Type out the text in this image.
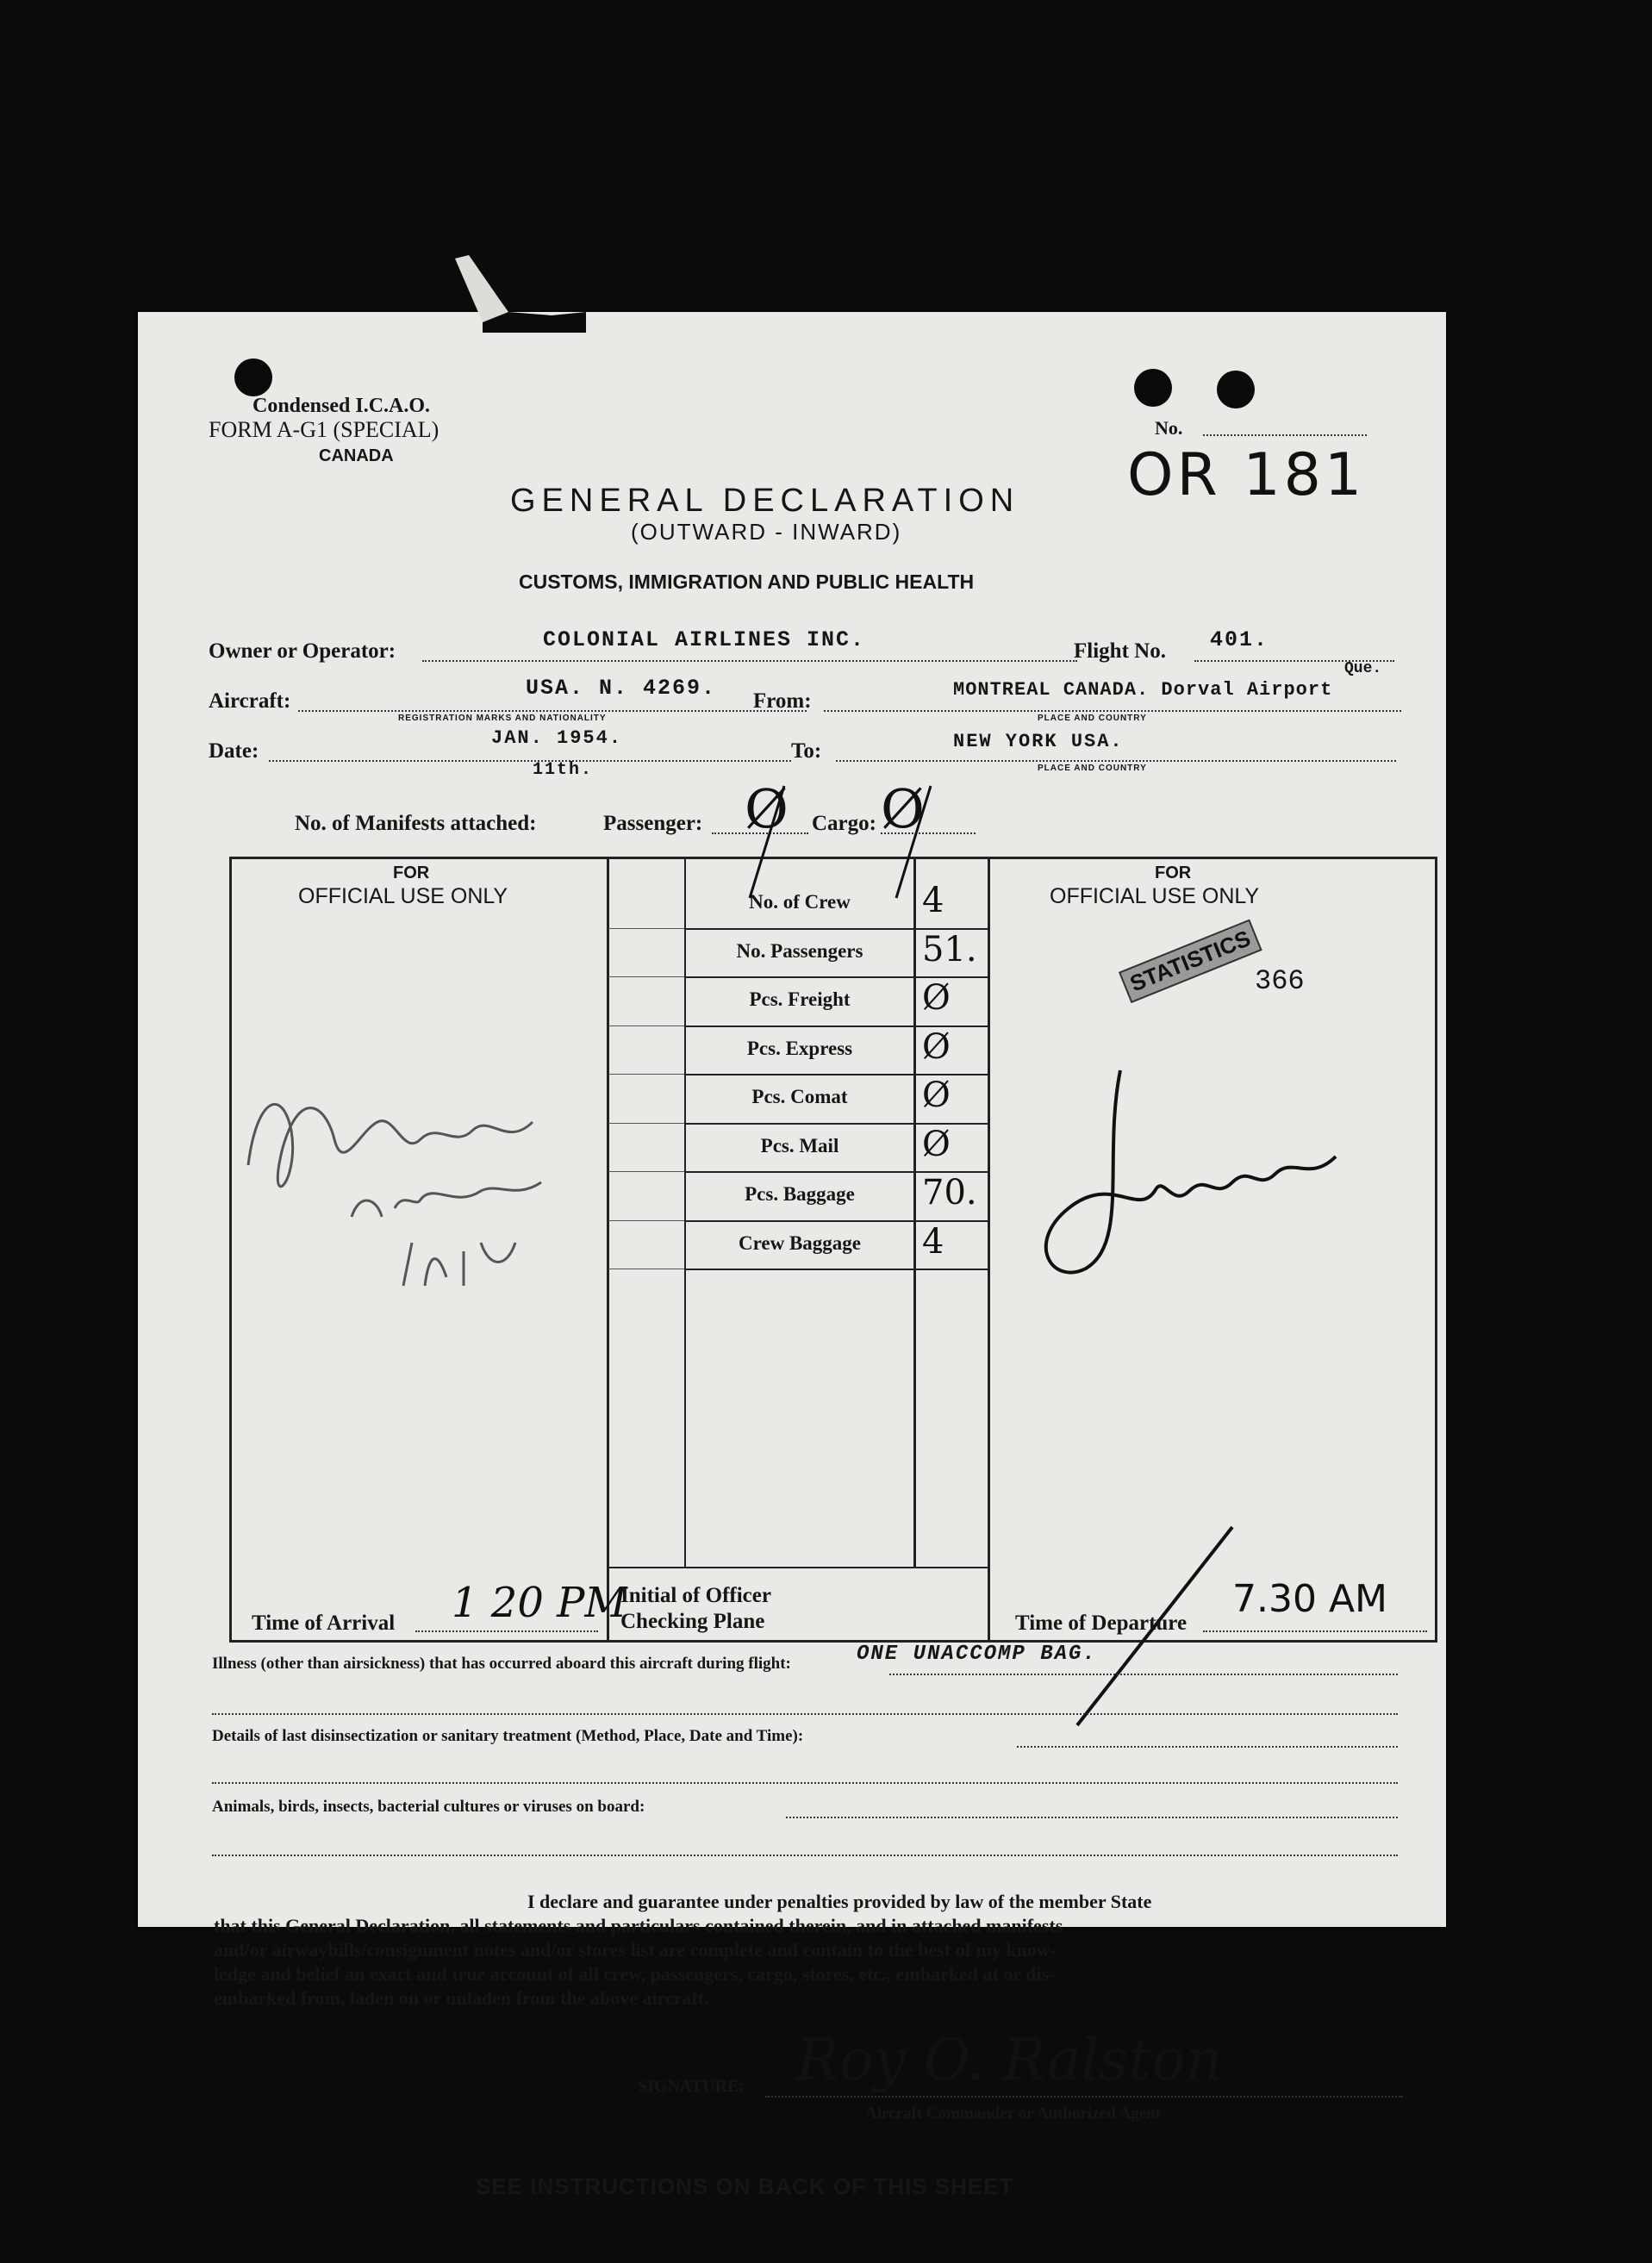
Condensed I.C.A.O.
FORM A-G1 (SPECIAL)
CANADA
No.
OR 181
GENERAL DECLARATION
(OUTWARD - INWARD)
CUSTOMS, IMMIGRATION AND PUBLIC HEALTH
Owner or Operator:	COLONIAL AIRLINES INC.	Flight No. 401.
Aircraft:
USA. N. 4269.
REGISTRATION MARKS AND NATIONALITY
From:	MONTREAL CANADA. Dorval Airport
Que.
PLACE AND COUNTRY
Date:
JAN. 1954.
11th.
To:	NEW YORK USA.
PLACE AND COUNTRY
No. of Manifests attached:	Passenger: Ø Cargo: Ø
FOR
OFFICIAL USE ONLY
FOR
OFFICIAL USE ONLY
No. of Crew	4
No. Passengers	51.
Pcs. Freight	Ø
Pcs. Express	Ø
Pcs. Comat	Ø
Pcs. Mail	Ø
Pcs. Baggage	70.
Crew Baggage	4
Time of Arrival 1 20 PM
Initial of Officer
Checking Plane	Time of Departure
7.30 AM
STATISTICS 366
Illness (other than airsickness) that has occurred aboard this aircraft during flight:	ONE UNACCOMP BAG.
Details of last disinsectization or sanitary treatment (Method, Place, Date and Time):
Animals, birds, insects, bacterial cultures or viruses on board:
I declare and guarantee under penalties provided by law of the member State
that this General Declaration, all statements and particulars contained therein, and in attached manifests
and/or airwaybills/consignment notes and/or stores list are complete and contain to the best of my know-
ledge and belief an exact and true account of all crew, passengers, cargo, stores, etc., embarked at or dis-
embarked from, laden on or unladen from the above aircraft.
SIGNATURE: Roy O. Ralston
Aircraft Commander or Authorized Agent
SEE INSTRUCTIONS ON BACK OF THIS SHEET
